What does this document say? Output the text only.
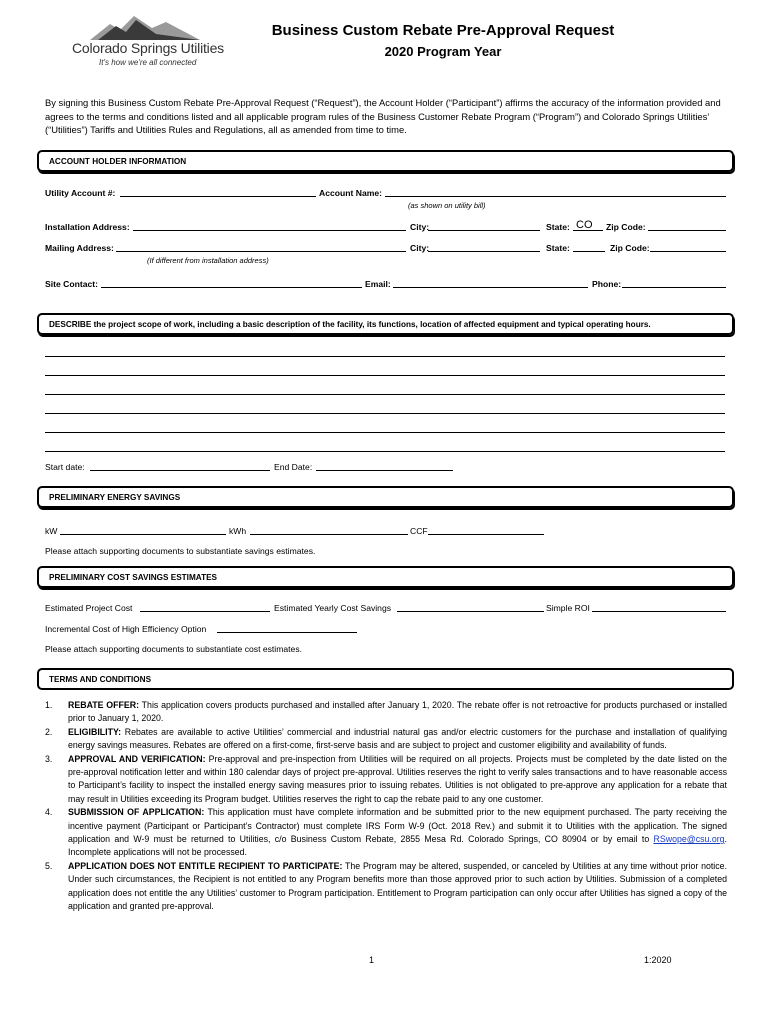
Colorado Springs Utilities
It's how we're all connected
Business Custom Rebate Pre-Approval Request
2020 Program Year
By signing this Business Custom Rebate Pre-Approval Request (“Request”), the Account Holder (“Participant”) affirms the accuracy of the information provided and agrees to the terms and conditions listed and all applicable program rules of the Business Customer Rebate Program (“Program”) and Colorado Springs Utilities’ (“Utilities”) Tariffs and Utilities Rules and Regulations, all as amended from time to time.
ACCOUNT HOLDER INFORMATION
Utility Account #:	Account Name:
(as shown on utility bill)
Installation Address:	City:	State: CO Zip Code:
Mailing Address:	City:	State:	Zip Code:
(If different from installation address)
Site Contact:	Email:	Phone:
DESCRIBE the project scope of work, including a basic description of the facility, its functions, location of affected equipment and typical operating hours.
Start date:	End Date:
PRELIMINARY ENERGY SAVINGS
kW	kWh	CCF
Please attach supporting documents to substantiate savings estimates.
PRELIMINARY COST SAVINGS ESTIMATES
Estimated Project Cost	Estimated Yearly Cost Savings	Simple ROI
Incremental Cost of High Efficiency Option
Please attach supporting documents to substantiate cost estimates.
TERMS AND CONDITIONS
1. REBATE OFFER: This application covers products purchased and installed after January 1, 2020. The rebate offer is not retroactive for products purchased or installed prior to January 1, 2020.
2. ELIGIBILITY: Rebates are available to active Utilities’ commercial and industrial natural gas and/or electric customers for the purchase and installation of qualifying energy savings measures. Rebates are offered on a first-come, first-serve basis and are subject to project and customer eligibility and availability of funds.
3. APPROVAL AND VERIFICATION: Pre-approval and pre-inspection from Utilities will be required on all projects. Projects must be completed by the date listed on the pre-approval notification letter and within 180 calendar days of project pre-approval. Utilities reserves the right to verify sales transactions and to have reasonable access to Participant’s facility to inspect the installed energy saving measures prior to issuing rebates. Utilities is not obligated to pre-approve any application for a rebate that may result in Utilities exceeding its Program budget. Utilities reserves the right to cap the rebate paid to any one customer.
4. SUBMISSION OF APPLICATION: This application must have complete information and be submitted prior to the new equipment purchased. The party receiving the incentive payment (Participant or Participant’s Contractor) must complete IRS Form W-9 (Oct. 2018 Rev.) and submit it to Utilities with the application. The signed application and W-9 must be returned to Utilities, c/o Business Custom Rebate, 2855 Mesa Rd. Colorado Springs, CO 80904 or by email to RSwope@csu.org. Incomplete applications will not be processed.
5. APPLICATION DOES NOT ENTITLE RECIPIENT TO PARTICIPATE: The Program may be altered, suspended, or canceled by Utilities at any time without prior notice. Under such circumstances, the Recipient is not entitled to any Program benefits more than those approved prior to such action by Utilities. Submission of a completed application does not entitle the any Utilities’ customer to Program participation. Entitlement to Program participation can only occur after Utilities has signed a copy of the application and granted pre-approval.
1	1:2020
